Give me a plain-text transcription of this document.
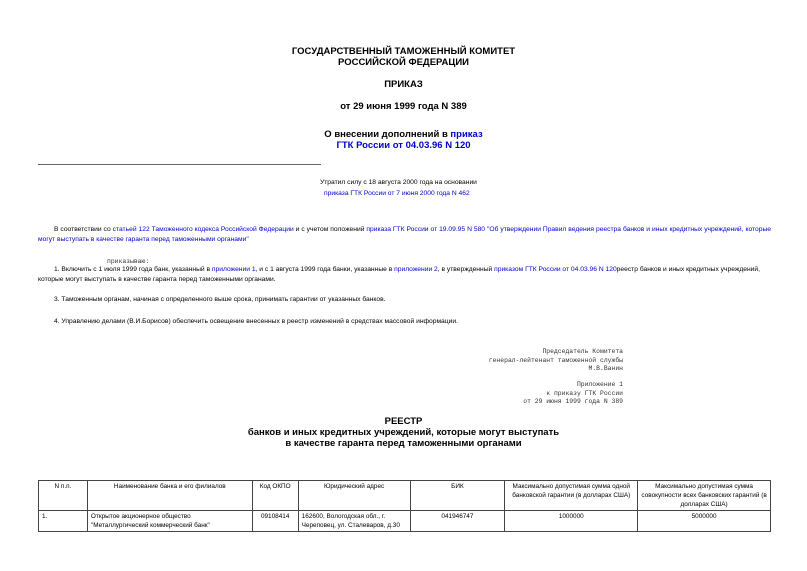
ГОСУДАРСТВЕННЫЙ ТАМОЖЕННЫЙ КОМИТЕТ
РОССИЙСКОЙ ФЕДЕРАЦИИ
ПРИКАЗ
от 29 июня 1999 года N 389
О внесении дополнений в приказ
ГТК России от 04.03.96 N 120
Утратил силу с 18 августа 2000 года на основании
приказа ГТК России от 7 июня 2000 года N 462
В соответствии со статьей 122 Таможенного кодекса Российской Федерации и с учетом положений приказа ГТК России от 19.09.95 N 580 "Об утверждении Правил ведения реестра банков и иных кредитных учреждений, которые могут выступать в качестве гаранта перед таможенными органами"
приказываю:
1. Включить с 1 июля 1999 года банк, указанный в приложении 1, и с 1 августа 1999 года банки, указанные в приложении 2, в утвержденный приказом ГТК России от 04.03.96 N 120реестр банков и иных кредитных учреждений, которые могут выступать в качестве гаранта перед таможенными органами.
3. Таможенным органам, начиная с определенного выше срока, принимать гарантии от указанных банков.
4. Управлению делами (В.И.Борисов) обеспечить освещение внесенных в реестр изменений в средствах массовой информации.
Председатель Комитета
генерал-лейтенант таможенной службы
М.В.Ванин
Приложение 1
к приказу ГТК России
от 29 июня 1999 года N 389
РЕЕСТР
банков и иных кредитных учреждений, которые могут выступать
в качестве гаранта перед таможенными органами
N п.п.	Наименование банка и его филиалов	Код ОКПО	Юридический адрес	БИК	Максимально допустимая сумма одной банковской гарантии (в долларах США)	Максимально допустимая сумма совокупности всех банковских гарантий (в долларах США)
1.	Открытое акционерное общество "Металлургический коммерческий банк"	09108414	162600, Вологодская обл., г. Череповец, ул. Сталеваров, д.30	041946747	1000000	5000000
